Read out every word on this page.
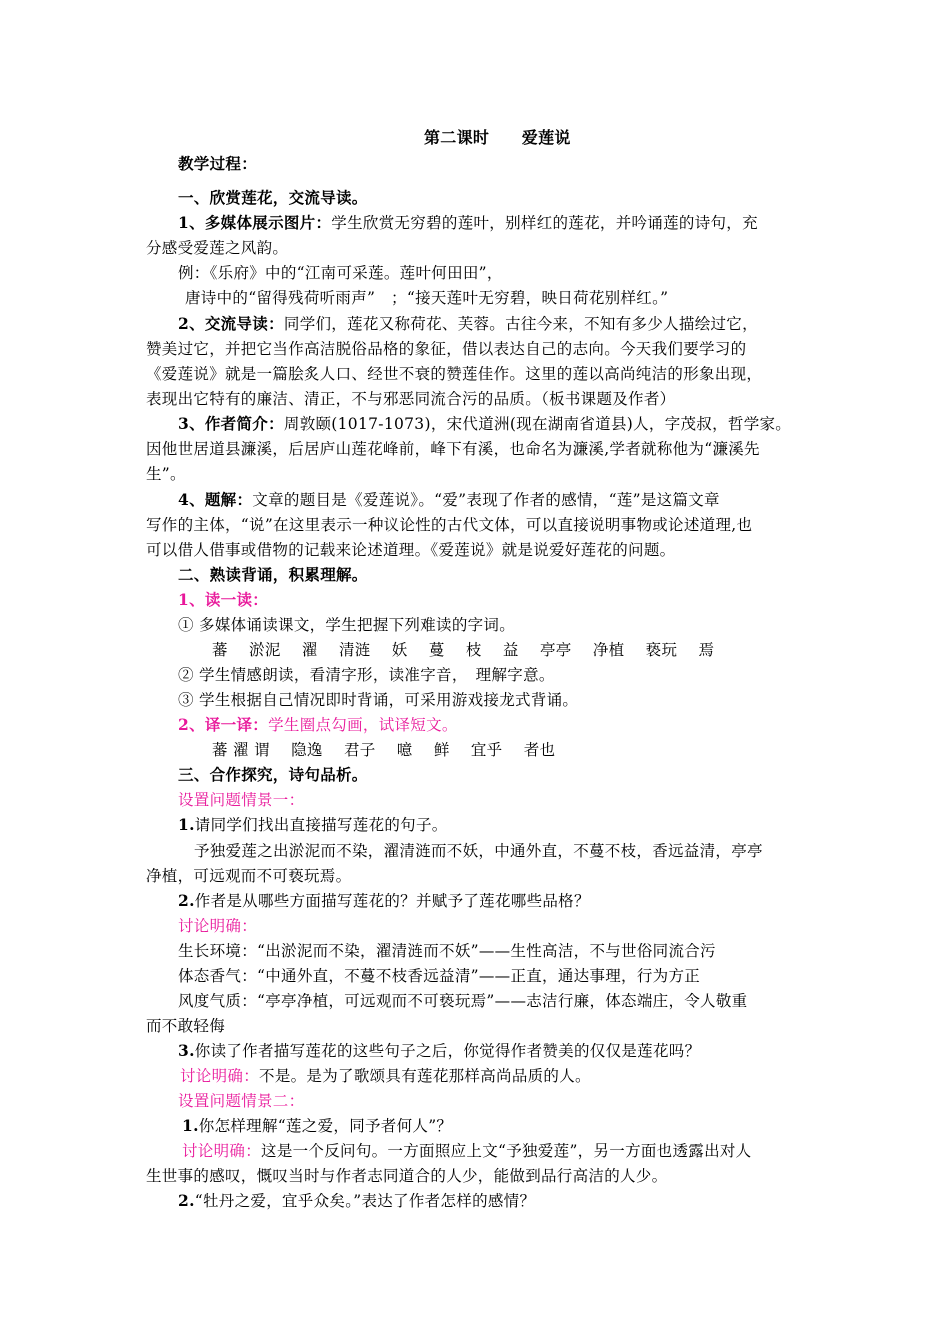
第二课时　　爱莲说
教学过程：
一、欣赏莲花，交流导读。
1、多媒体展示图片：学生欣赏无穷碧的莲叶，别样红的莲花，并吟诵莲的诗句，充
分感受爱莲之风韵。
例：《乐府》中的“江南可采莲。莲叶何田田”，
唐诗中的“留得残荷听雨声”　；“接天莲叶无穷碧，映日荷花别样红。”
2、交流导读：同学们，莲花又称荷花、芙蓉。古往今来，不知有多少人描绘过它，
赞美过它，并把它当作高洁脱俗品格的象征，借以表达自己的志向。今天我们要学习的
《爱莲说》就是一篇脍炙人口、经世不衰的赞莲佳作。这里的莲以高尚纯洁的形象出现，
表现出它特有的廉洁、清正，不与邪恶同流合污的品质。（板书课题及作者）
3、作者简介：周敦颐(1017-1073)，宋代道洲(现在湖南省道县)人，字茂叔，哲学家。
因他世居道县濂溪，后居庐山莲花峰前，峰下有溪，也命名为濂溪,学者就称他为“濂溪先
生”。
4、题解：文章的题目是《爱莲说》。“爱”表现了作者的感情，“莲”是这篇文章
写作的主体，“说”在这里表示一种议论性的古代文体，可以直接说明事物或论述道理,也
可以借人借事或借物的记载来论述道理。《爱莲说》就是说爱好莲花的问题。
二、熟读背诵，积累理解。
1、读一读：
① 多媒体诵读课文，学生把握下列难读的字词。
蕃 淤泥 濯 清涟 妖 蔓 枝 益 亭亭 净植 亵玩 焉
② 学生情感朗读，看清字形，读准字音，　理解字意。
③ 学生根据自己情况即时背诵，可采用游戏接龙式背诵。
2、译一译：学生圈点勾画，试译短文。
蕃 濯 谓 隐逸 君子 噫 鲜 宜乎 者也
三、合作探究，诗句品析。
设置问题情景一：
1.请同学们找出直接描写莲花的句子。
予独爱莲之出淤泥而不染，濯清涟而不妖，中通外直，不蔓不枝，香远益清，亭亭
净植，可远观而不可亵玩焉。
2.作者是从哪些方面描写莲花的？并赋予了莲花哪些品格？
讨论明确：
生长环境：“出淤泥而不染，濯清涟而不妖”——生性高洁，不与世俗同流合污
体态香气：“中通外直，不蔓不枝香远益清”——正直，通达事理，行为方正
风度气质：“亭亭净植，可远观而不可亵玩焉”——志洁行廉，体态端庄，令人敬重
而不敢轻侮
3.你读了作者描写莲花的这些句子之后，你觉得作者赞美的仅仅是莲花吗？
讨论明确：不是。是为了歌颂具有莲花那样高尚品质的人。
设置问题情景二：
1.你怎样理解“莲之爱，同予者何人”？
讨论明确：这是一个反问句。一方面照应上文“予独爱莲”，另一方面也透露出对人
生世事的感叹，慨叹当时与作者志同道合的人少，能做到品行高洁的人少。
2.“牡丹之爱，宜乎众矣。”表达了作者怎样的感情？
